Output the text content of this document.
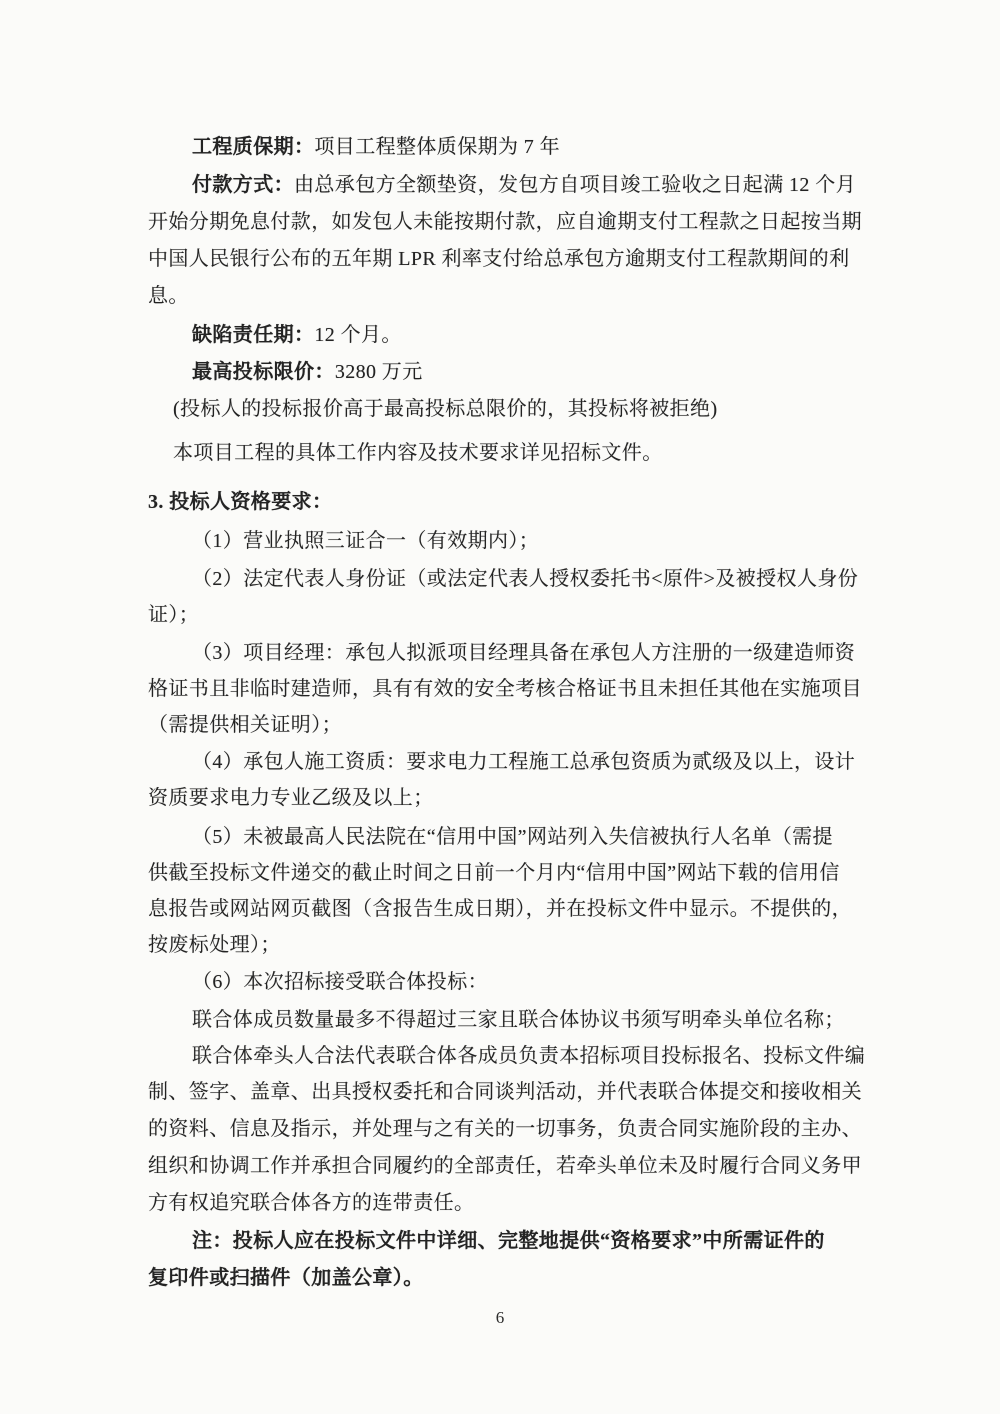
工程质保期：项目工程整体质保期为 7 年
付款方式：由总承包方全额垫资，发包方自项目竣工验收之日起满 12 个月
开始分期免息付款，如发包人未能按期付款，应自逾期支付工程款之日起按当期
中国人民银行公布的五年期 LPR 利率支付给总承包方逾期支付工程款期间的利
息。
缺陷责任期：12 个月。
最高投标限价：3280 万元
(投标人的投标报价高于最高投标总限价的，其投标将被拒绝)
本项目工程的具体工作内容及技术要求详见招标文件。
3. 投标人资格要求：
（1）营业执照三证合一（有效期内）；
（2）法定代表人身份证（或法定代表人授权委托书<原件>及被授权人身份
证）；
（3）项目经理：承包人拟派项目经理具备在承包人方注册的一级建造师资
格证书且非临时建造师，具有有效的安全考核合格证书且未担任其他在实施项目
（需提供相关证明）；
（4）承包人施工资质：要求电力工程施工总承包资质为贰级及以上，设计
资质要求电力专业乙级及以上；
（5）未被最高人民法院在“信用中国”网站列入失信被执行人名单（需提
供截至投标文件递交的截止时间之日前一个月内“信用中国”网站下载的信用信
息报告或网站网页截图（含报告生成日期），并在投标文件中显示。不提供的，
按废标处理）；
（6）本次招标接受联合体投标：
联合体成员数量最多不得超过三家且联合体协议书须写明牵头单位名称；
联合体牵头人合法代表联合体各成员负责本招标项目投标报名、投标文件编
制、签字、盖章、出具授权委托和合同谈判活动，并代表联合体提交和接收相关
的资料、信息及指示，并处理与之有关的一切事务，负责合同实施阶段的主办、
组织和协调工作并承担合同履约的全部责任，若牵头单位未及时履行合同义务甲
方有权追究联合体各方的连带责任。
注：投标人应在投标文件中详细、完整地提供“资格要求”中所需证件的
复印件或扫描件（加盖公章）。
6
